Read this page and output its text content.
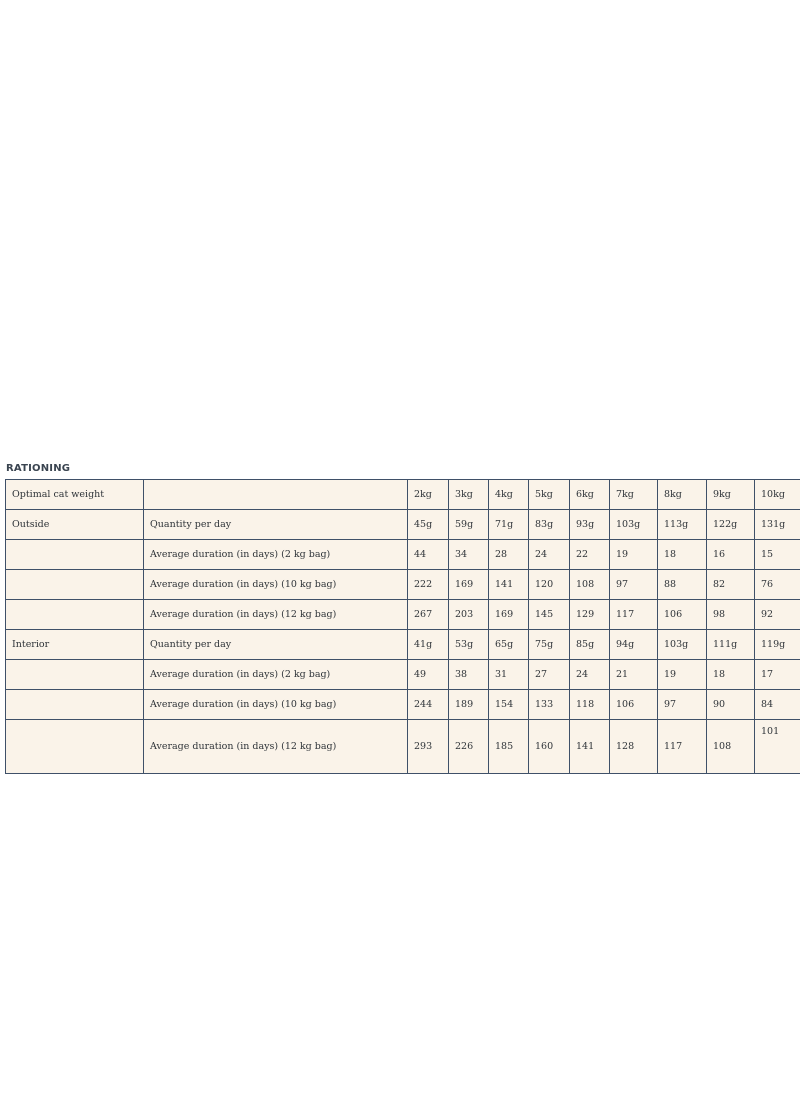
RATIONING
Optimal cat weight		2kg	3kg	4kg	5kg	6kg	7kg	8kg	9kg	10kg
Outside	Quantity per day	45g	59g	71g	83g	93g	103g	113g	122g	131g
	Average duration (in days) (2 kg bag)	44	34	28	24	22	19	18	16	15
	Average duration (in days) (10 kg bag)	222	169	141	120	108	97	88	82	76
	Average duration (in days) (12 kg bag)	267	203	169	145	129	117	106	98	92
Interior	Quantity per day	41g	53g	65g	75g	85g	94g	103g	111g	119g
	Average duration (in days) (2 kg bag)	49	38	31	27	24	21	19	18	17
	Average duration (in days) (10 kg bag)	244	189	154	133	118	106	97	90	84
	Average duration (in days) (12 kg bag)	293	226	185	160	141	128	117	108	101
